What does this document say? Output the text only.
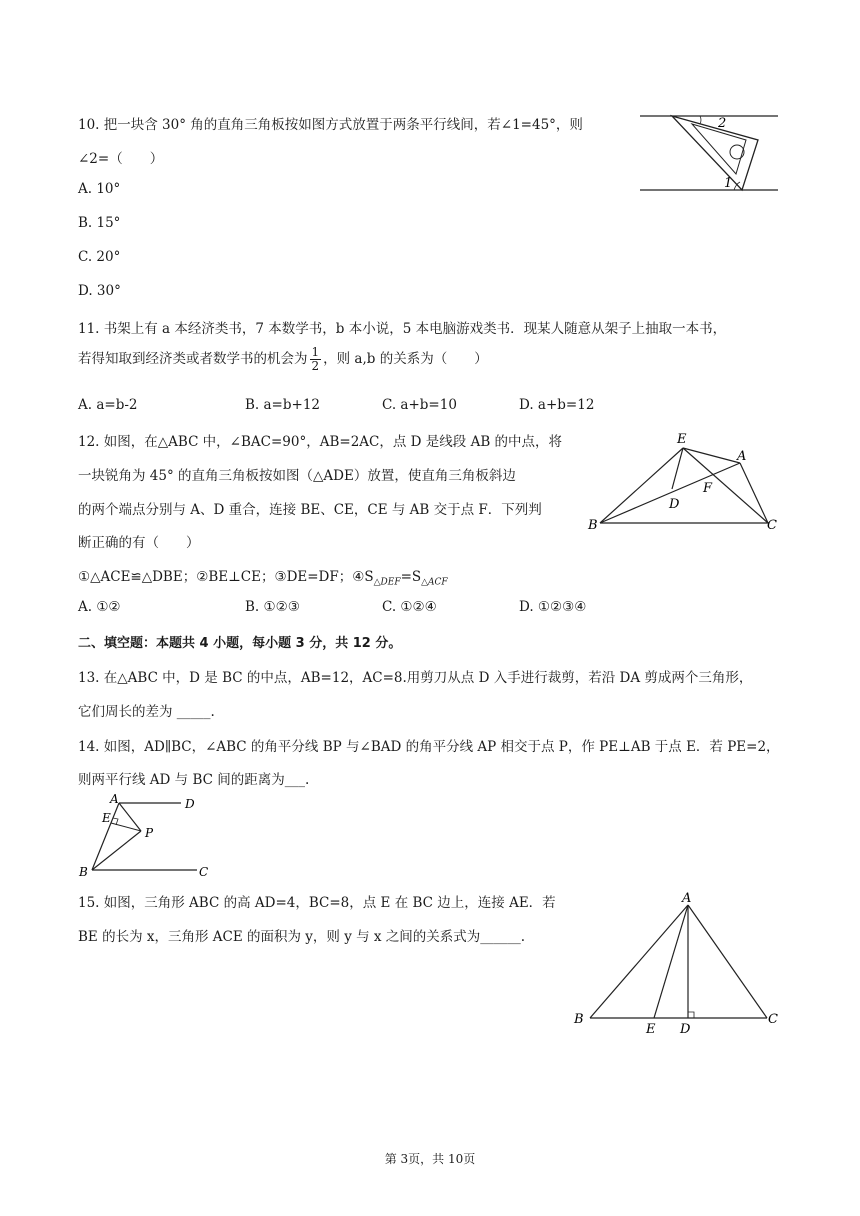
10. 把一块含 30° 角的直角三角板按如图方式放置于两条平行线间，若∠1=45°，则
∠2=（　　）
A. 10°
B. 15°
C. 20°
D. 30°
2
1
11. 书架上有 a 本经济类书，7 本数学书，b 本小说，5 本电脑游戏类书．现某人随意从架子上抽取一本书，
若得知取到经济类或者数学书的机会为 $\frac{1}{2}$ ，则 a,b 的关系为（　　）
A. a=b-2	B. a=b+12	C. a+b=10	D. a+b=12
12. 如图，在△ABC 中，∠BAC=90°，AB=2AC，点 D 是线段 AB 的中点，将
一块锐角为 45° 的直角三角板按如图（△ADE）放置，使直角三角板斜边
的两个端点分别与 A、D 重合，连接 BE、CE，CE 与 AB 交于点 F．下列判
断正确的有（　　）
①△ACE≌△DBE；②BE⊥CE；③DE=DF；$④S_{\triangle DEF}=S_{\triangle ACF}$
A. ①②	B. ①②③	C. ①②④	D. ①②③④
E
A
F
D
B	C
二、填空题：本题共 4 小题，每小题 3 分，共 12 分。
13. 在△ABC 中，D 是 BC 的中点，AB=12，AC=8.用剪刀从点 D 入手进行裁剪，若沿 DA 剪成两个三角形，
它们周长的差为 _____.
14. 如图，AD∥BC，∠ABC 的角平分线 BP 与∠BAD 的角平分线 AP 相交于点 P，作 PE⊥AB 于点 E．若 PE=2，
则两平行线 AD 与 BC 间的距离为___.
A	D
E
P
B	C
15. 如图，三角形 ABC 的高 AD=4，BC=8，点 E 在 BC 边上，连接 AE．若
BE 的长为 x，三角形 ACE 的面积为 y，则 y 与 x 之间的关系式为______.
A
B
E D
C
第 3页，共 10页
